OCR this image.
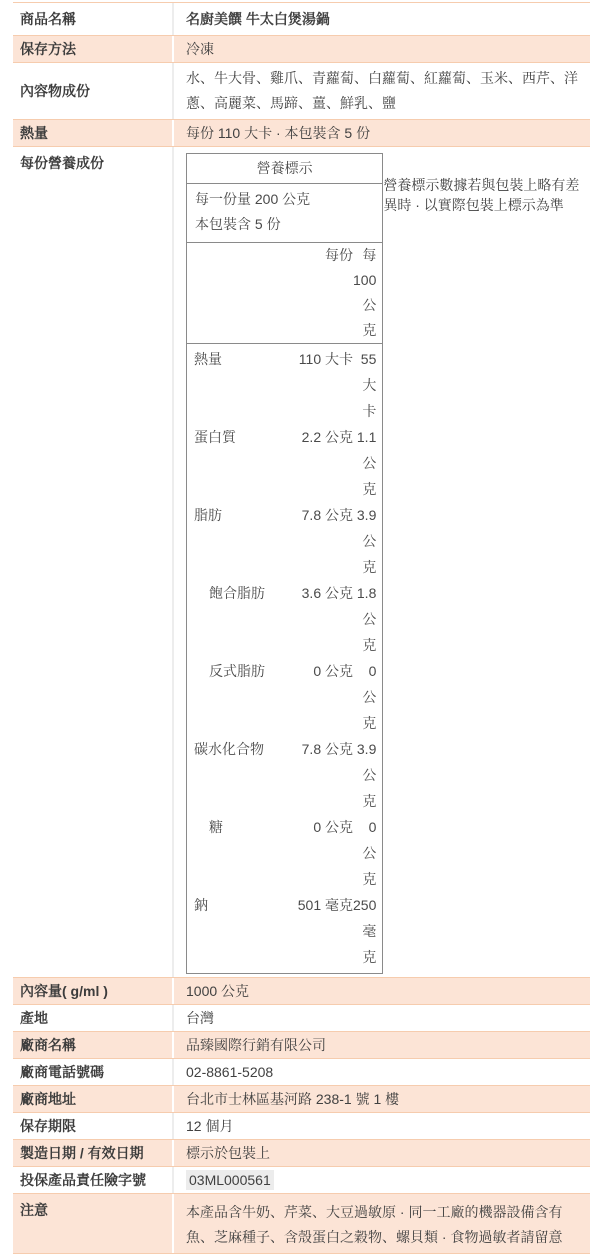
商品名稱	名廚美饌 牛太白煲湯鍋
保存方法	冷凍
內容物成份
水、牛大骨、雞爪、青蘿蔔、白蘿蔔、紅蘿蔔、玉米、西芹、洋蔥、高麗菜、馬蹄、薑、鮮乳、鹽
熱量	每份 110 大卡 · 本包裝含 5 份
每份營養成份	營養標示
每一份量 200 公克
本包裝含 5 份
每份 每 100 公克
熱量	110 大卡 55 大卡
蛋白質	2.2 公克 1.1 公克
脂肪	7.8 公克 3.9 公克
飽合脂肪	3.6 公克 1.8 公克
反式脂肪	0 公克	0 公克
碳水化合物	7.8 公克 3.9 公克
糖	0 公克	0 公克
鈉	501 毫克 250 毫克
營養標示數據若與包裝上略有差異時 · 以實際包裝上標示為準
內容量( g/ml )	1000 公克
產地	台灣
廠商名稱	品臻國際行銷有限公司
廠商電話號碼	02-8861-5208
廠商地址	台北市士林區基河路 238-1 號 1 樓
保存期限	12 個月
製造日期 / 有效日期	標示於包裝上
投保產品責任險字號	03ML000561
注意	本產品含牛奶、芹菜、大豆過敏原 · 同一工廠的機器設備含有魚、芝麻種子、含殼蛋白之穀物、螺貝類 · 食物過敏者請留意
